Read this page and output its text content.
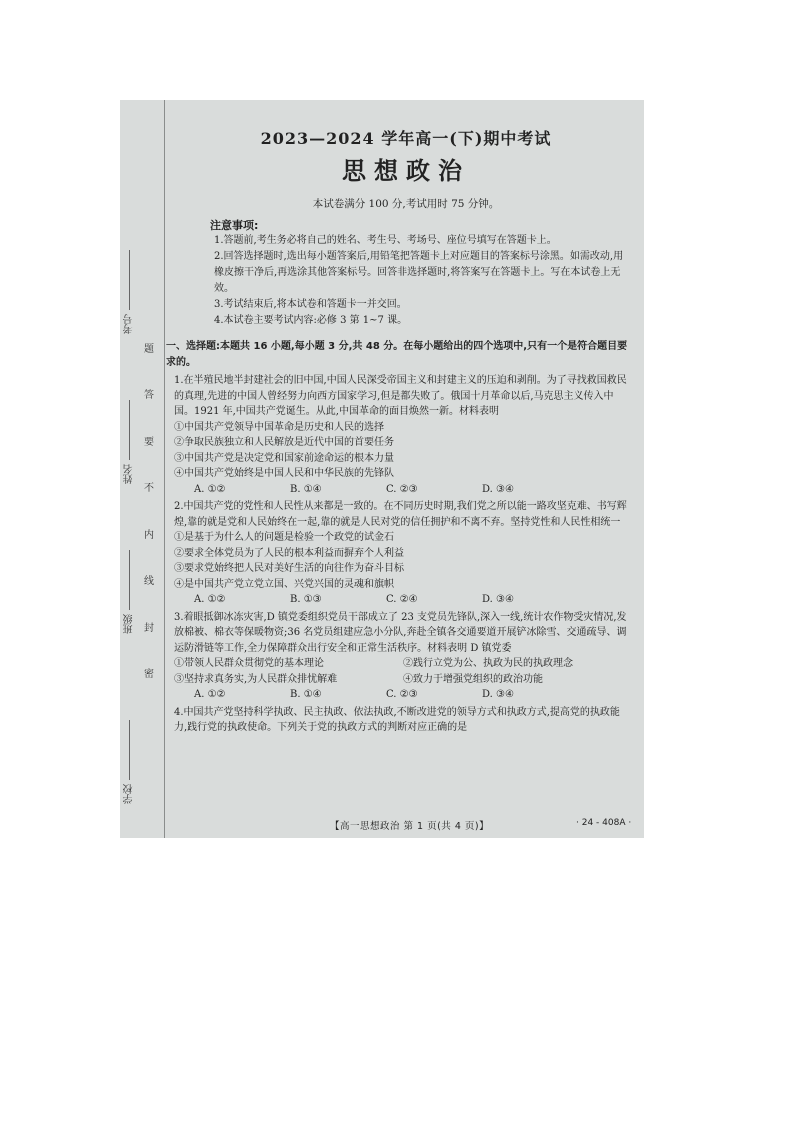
考号
姓名
班级
学校
题
答
要
不
内
线
封
密
2023—2024 学年高一(下)期中考试
思想政治
本试卷满分 100 分,考试用时 75 分钟。
注意事项:
1.答题前,考生务必将自己的姓名、考生号、考场号、座位号填写在答题卡上。
2.回答选择题时,选出每小题答案后,用铅笔把答题卡上对应题目的答案标号涂黑。如需改动,用橡皮擦干净后,再选涂其他答案标号。回答非选择题时,将答案写在答题卡上。写在本试卷上无效。
3.考试结束后,将本试卷和答题卡一并交回。
4.本试卷主要考试内容:必修 3 第 1~7 课。
一、选择题:本题共 16 小题,每小题 3 分,共 48 分。在每小题给出的四个选项中,只有一个是符合题目要求的。
1.在半殖民地半封建社会的旧中国,中国人民深受帝国主义和封建主义的压迫和剥削。为了寻找救国救民的真理,先进的中国人曾经努力向西方国家学习,但是都失败了。俄国十月革命以后,马克思主义传入中国。1921 年,中国共产党诞生。从此,中国革命的面目焕然一新。材料表明
①中国共产党领导中国革命是历史和人民的选择
②争取民族独立和人民解放是近代中国的首要任务
③中国共产党是决定党和国家前途命运的根本力量
④中国共产党始终是中国人民和中华民族的先锋队
A. ①②	B. ①④	C. ②③	D. ③④
2.中国共产党的党性和人民性从来都是一致的。在不同历史时期,我们党之所以能一路攻坚克难、书写辉煌,靠的就是党和人民始终在一起,靠的就是人民对党的信任拥护和不离不弃。坚持党性和人民性相统一
①是基于为什么人的问题是检验一个政党的试金石
②要求全体党员为了人民的根本利益而摒弃个人利益
③要求党始终把人民对美好生活的向往作为奋斗目标
④是中国共产党立党立国、兴党兴国的灵魂和旗帜
A. ①②	B. ①③	C. ②④	D. ③④
3.着眼抵御冰冻灾害,D 镇党委组织党员干部成立了 23 支党员先锋队,深入一线,统计农作物受灾情况,发放棉被、棉衣等保暖物资;36 名党员组建应急小分队,奔赴全镇各交通要道开展铲冰除雪、交通疏导、调运防滑链等工作,全力保障群众出行安全和正常生活秩序。材料表明 D 镇党委
①带领人民群众贯彻党的基本理论	②践行立党为公、执政为民的执政理念
③坚持求真务实,为人民群众排忧解难	④致力于增强党组织的政治功能
A. ①②	B. ①④	C. ②③	D. ③④
4.中国共产党坚持科学执政、民主执政、依法执政,不断改进党的领导方式和执政方式,提高党的执政能力,践行党的执政使命。下列关于党的执政方式的判断对应正确的是
【高一思想政治 第 1 页(共 4 页)】	· 24 - 408A ·
